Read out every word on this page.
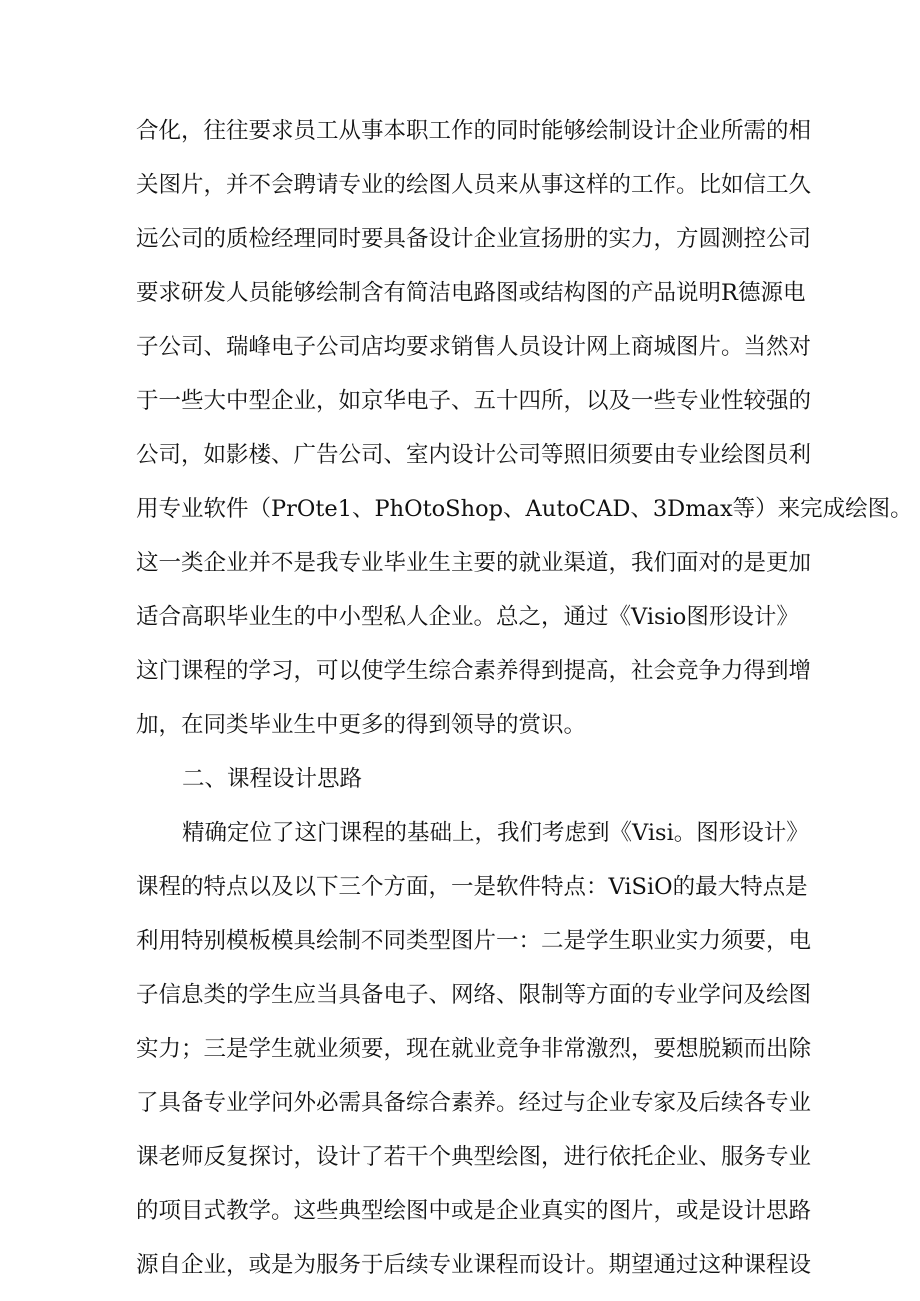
合化，往往要求员工从事本职工作的同时能够绘制设计企业所需的相
关图片，并不会聘请专业的绘图人员来从事这样的工作。比如信工久
远公司的质检经理同时要具备设计企业宣扬册的实力，方圆测控公司
要求研发人员能够绘制含有简洁电路图或结构图的产品说明R德源电
子公司、瑞峰电子公司店均要求销售人员设计网上商城图片。当然对
于一些大中型企业，如京华电子、五十四所，以及一些专业性较强的
公司，如影楼、广告公司、室内设计公司等照旧须要由专业绘图员利
用专业软件（PrOte1、PhOtoShop、AutoCAD、3Dmax等）来完成绘图。
这一类企业并不是我专业毕业生主要的就业渠道，我们面对的是更加
适合高职毕业生的中小型私人企业。总之，通过《Visio图形设计》
这门课程的学习，可以使学生综合素养得到提高，社会竞争力得到增
加，在同类毕业生中更多的得到领导的赏识。
二、课程设计思路
精确定位了这门课程的基础上，我们考虑到《Visi。图形设计》
课程的特点以及以下三个方面，一是软件特点：ViSiO的最大特点是
利用特别模板模具绘制不同类型图片一：二是学生职业实力须要，电
子信息类的学生应当具备电子、网络、限制等方面的专业学问及绘图
实力；三是学生就业须要，现在就业竞争非常激烈，要想脱颖而出除
了具备专业学问外必需具备综合素养。经过与企业专家及后续各专业
课老师反复探讨，设计了若干个典型绘图，进行依托企业、服务专业
的项目式教学。这些典型绘图中或是企业真实的图片，或是设计思路
源自企业，或是为服务于后续专业课程而设计。期望通过这种课程设
